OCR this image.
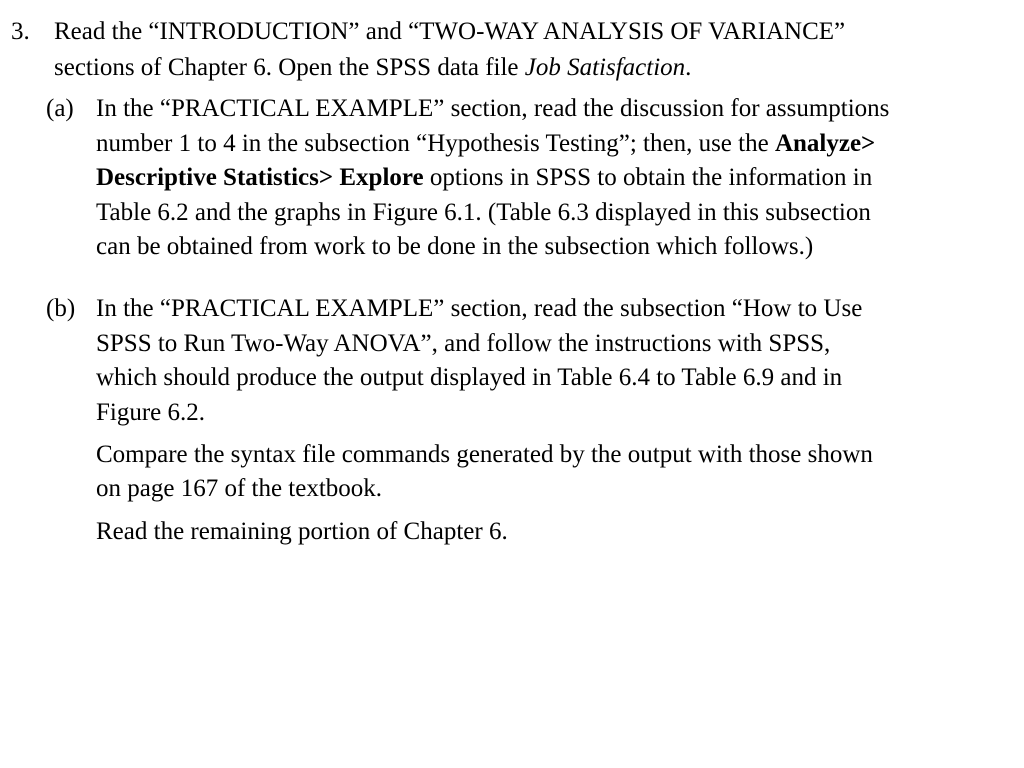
3. Read the “INTRODUCTION” and “TWO-WAY ANALYSIS OF VARIANCE”
sections of Chapter 6. Open the SPSS data file Job Satisfaction.
(a) In the “PRACTICAL EXAMPLE” section, read the discussion for assumptions
number 1 to 4 in the subsection “Hypothesis Testing”; then, use the Analyze>
Descriptive Statistics> Explore options in SPSS to obtain the information in
Table 6.2 and the graphs in Figure 6.1. (Table 6.3 displayed in this subsection
can be obtained from work to be done in the subsection which follows.)
(b) In the “PRACTICAL EXAMPLE” section, read the subsection “How to Use
SPSS to Run Two-Way ANOVA”, and follow the instructions with SPSS,
which should produce the output displayed in Table 6.4 to Table 6.9 and in
Figure 6.2.
Compare the syntax file commands generated by the output with those shown
on page 167 of the textbook.
Read the remaining portion of Chapter 6.
